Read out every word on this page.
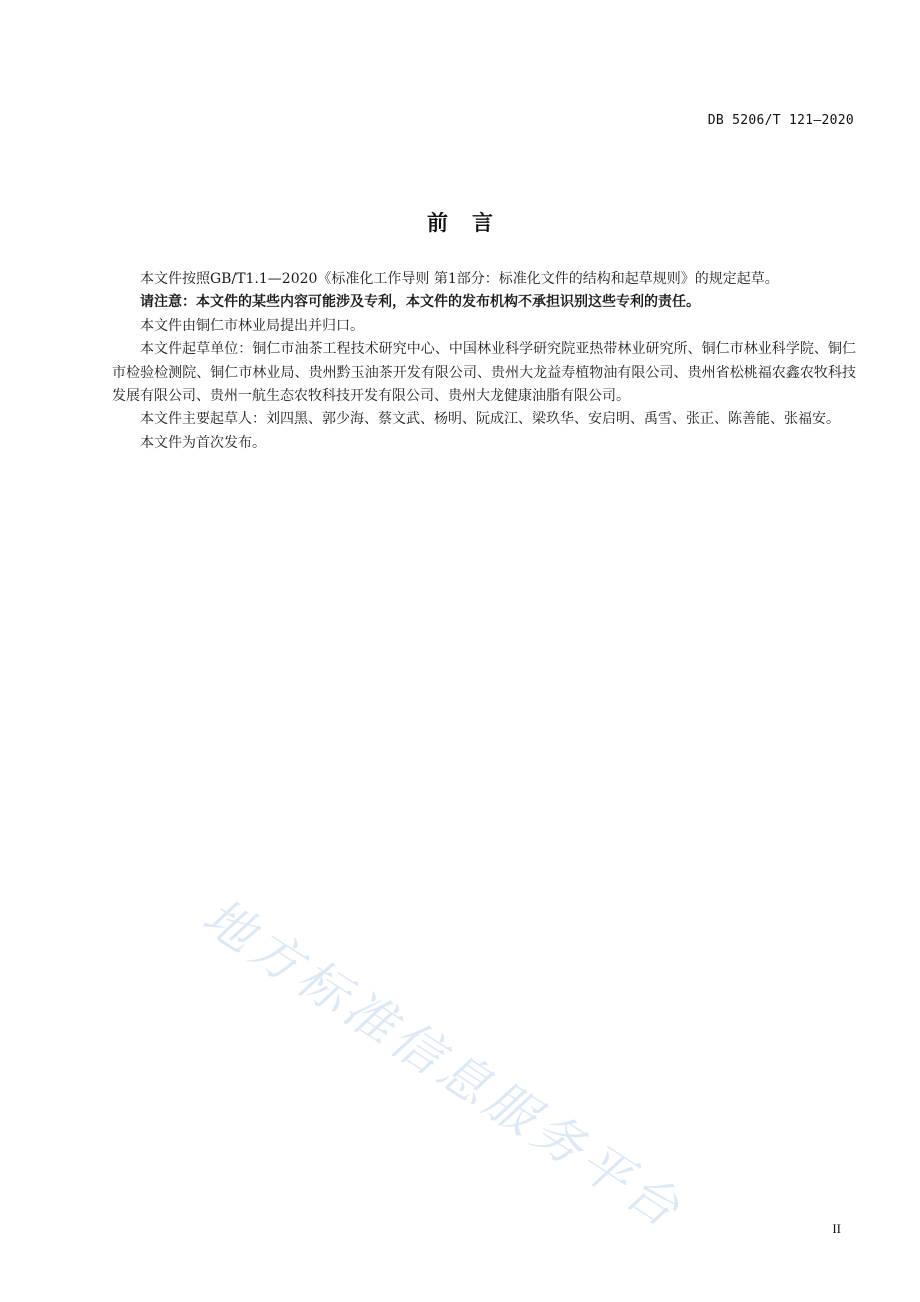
DB 5206/T 121—2020
前言

本文件按照GB/T1.1—2020《标准化工作导则 第1部分：标准化文件的结构和起草规则》的规定起草。

请注意：本文件的某些内容可能涉及专利，本文件的发布机构不承担识别这些专利的责任。

本文件由铜仁市林业局提出并归口。

本文件起草单位：铜仁市油茶工程技术研究中心、中国林业科学研究院亚热带林业研究所、铜仁市林业科学院、铜仁市检验检测院、铜仁市林业局、贵州黔玉油茶开发有限公司、贵州大龙益寿植物油有限公司、贵州省松桃福农鑫农牧科技发展有限公司、贵州一航生态农牧科技开发有限公司、贵州大龙健康油脂有限公司。

本文件主要起草人：刘四黑、郭少海、蔡文武、杨明、阮成江、梁玖华、安启明、禹雪、张正、陈善能、张福安。

本文件为首次发布。

地方标准信息服务平台	II
